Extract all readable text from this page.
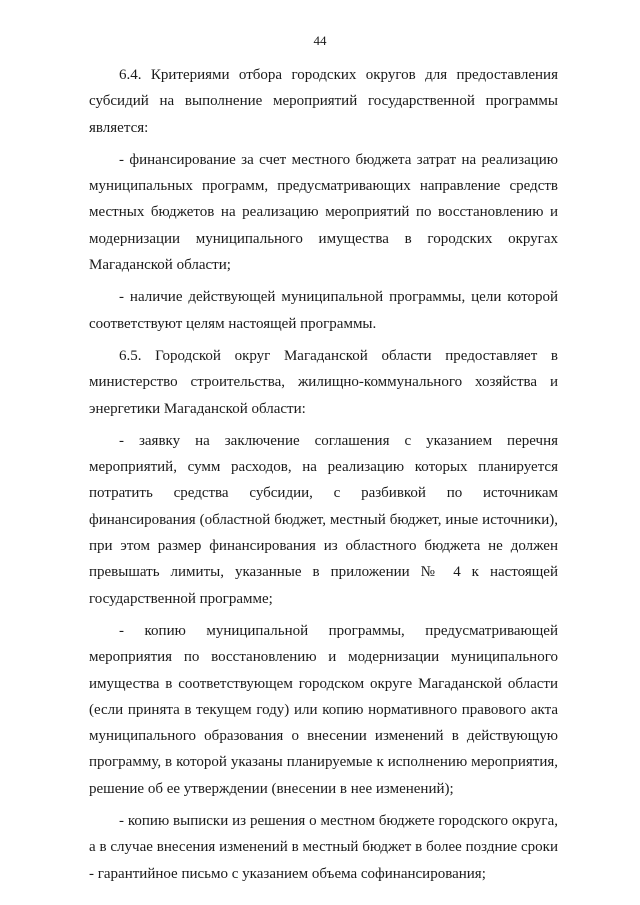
44

6.4. Критериями отбора городских округов для предоставления субсидий на выполнение мероприятий государственной программы является:

- финансирование за счет местного бюджета затрат на реализацию муниципальных программ, предусматривающих направление средств местных бюджетов на реализацию мероприятий по восстановлению и модернизации муниципального имущества в городских округах Магаданской области;

- наличие действующей муниципальной программы, цели которой соответствуют целям настоящей программы.

6.5. Городской округ Магаданской области предоставляет в министерство строительства, жилищно-коммунального хозяйства и энергетики Магаданской области:

- заявку на заключение соглашения с указанием перечня мероприятий, сумм расходов, на реализацию которых планируется потратить средства субсидии, с разбивкой по источникам финансирования (областной бюджет, местный бюджет, иные источники), при этом размер финансирования из областного бюджета не должен превышать лимиты, указанные в приложении № 4 к настоящей государственной программе;

- копию муниципальной программы, предусматривающей мероприятия по восстановлению и модернизации муниципального имущества в соответствующем городском округе Магаданской области (если принята в текущем году) или копию нормативного правового акта муниципального образования о внесении изменений в действующую программу, в которой указаны планируемые к исполнению мероприятия, решение об ее утверждении (внесении в нее изменений);

- копию выписки из решения о местном бюджете городского округа, а в случае внесения изменений в местный бюджет в более поздние сроки - гарантийное письмо с указанием объема софинансирования;
